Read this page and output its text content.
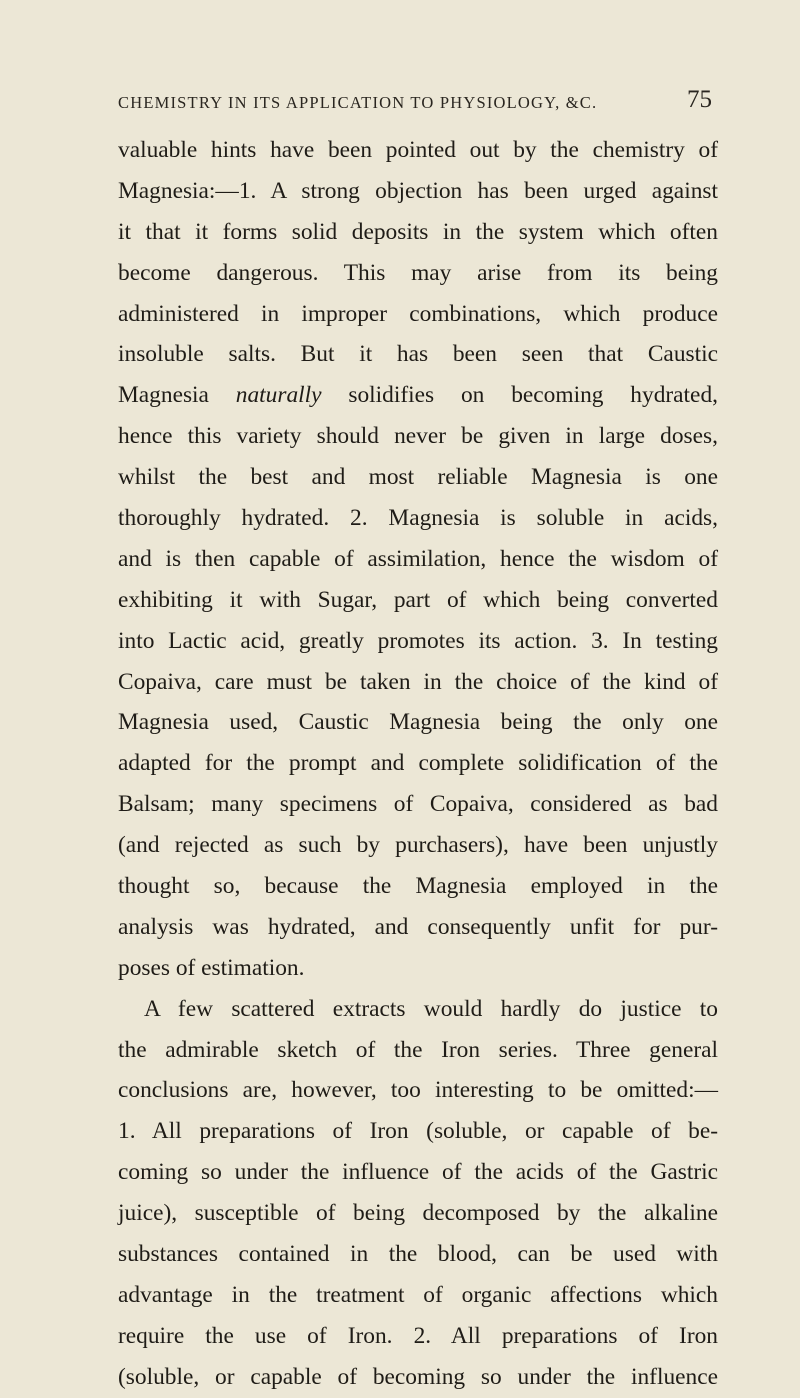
CHEMISTRY IN ITS APPLICATION TO PHYSIOLOGY, &C.	75
valuable hints have been pointed out by the chemistry of
Magnesia:—1. A strong objection has been urged against
it that it forms solid deposits in the system which often
become dangerous. This may arise from its being
administered in improper combinations, which produce
insoluble salts. But it has been seen that Caustic
Magnesia naturally solidifies on becoming hydrated,
hence this variety should never be given in large doses,
whilst the best and most reliable Magnesia is one
thoroughly hydrated. 2. Magnesia is soluble in acids,
and is then capable of assimilation, hence the wisdom of
exhibiting it with Sugar, part of which being converted
into Lactic acid, greatly promotes its action. 3. In testing
Copaiva, care must be taken in the choice of the kind of
Magnesia used, Caustic Magnesia being the only one
adapted for the prompt and complete solidification of the
Balsam; many specimens of Copaiva, considered as bad
(and rejected as such by purchasers), have been unjustly
thought so, because the Magnesia employed in the
analysis was hydrated, and consequently unfit for pur-
poses of estimation.
A few scattered extracts would hardly do justice to
the admirable sketch of the Iron series. Three general
conclusions are, however, too interesting to be omitted:—
1. All preparations of Iron (soluble, or capable of be-
coming so under the influence of the acids of the Gastric
juice), susceptible of being decomposed by the alkaline
substances contained in the blood, can be used with
advantage in the treatment of organic affections which
require the use of Iron. 2. All preparations of Iron
(soluble, or capable of becoming so under the influence
